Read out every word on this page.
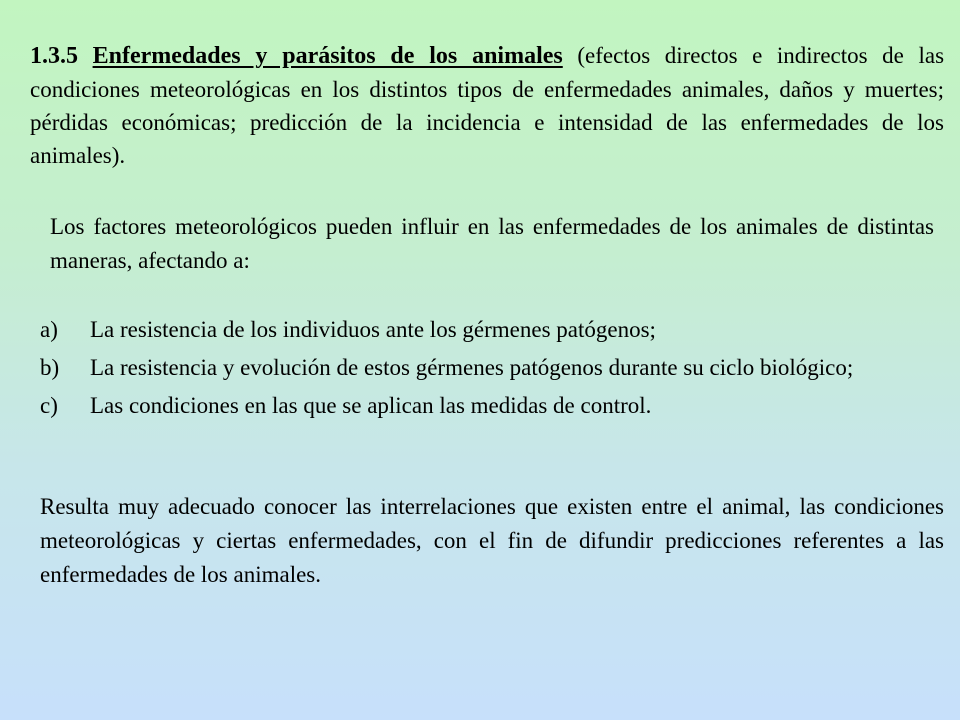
1.3.5 Enfermedades y parásitos de los animales (efectos directos e indirectos de las condiciones meteorológicas en los distintos tipos de enfermedades animales, daños y muertes; pérdidas económicas; predicción de la incidencia e intensidad de las enfermedades de los animales).
Los factores meteorológicos pueden influir en las enfermedades de los animales de distintas maneras, afectando a:
a)	La resistencia de los individuos ante los gérmenes patógenos;
b)	La resistencia y evolución de estos gérmenes patógenos durante su ciclo biológico;
c)	Las condiciones en las que se aplican las medidas de control.
Resulta muy adecuado conocer las interrelaciones que existen entre el animal, las condiciones meteorológicas y ciertas enfermedades, con el fin de difundir predicciones referentes a las enfermedades de los animales.
